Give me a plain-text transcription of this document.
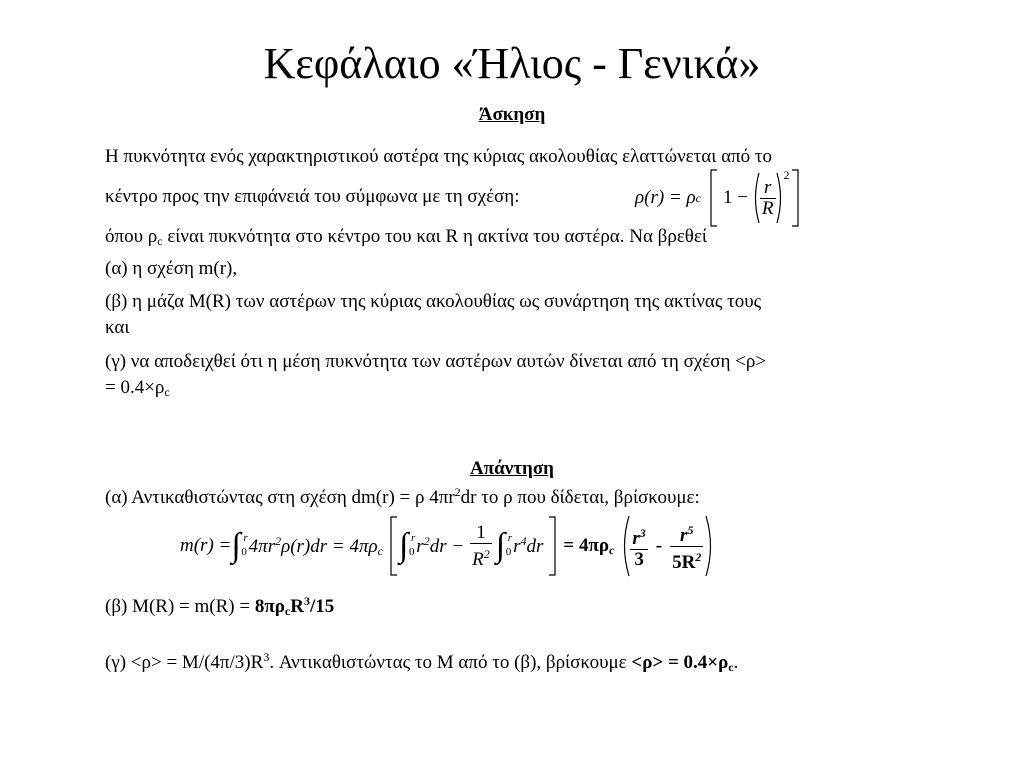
Κεφάλαιο «Ήλιος - Γενικά»
Άσκηση
Η πυκνότητα ενός χαρακτηριστικού αστέρα της κύριας ακολουθίας ελαττώνεται από το
κέντρο προς την επιφάνειά του σύμφωνα με τη σχέση:	ρ(r) = ρ c $1 - \frac{r}{R}$
$^2$
όπου $\rho_c$ είναι πυκνότητα στο κέντρο του και R η ακτίνα του αστέρα. Να βρεθεί
(α) η σχέση m(r),
(β) η μάζα M(R) των αστέρων της κύριας ακολουθίας ως συνάρτηση της ακτίνας τους
και
(γ) να αποδειχθεί ότι η μέση πυκνότητα των αστέρων αυτών δίνεται από τη σχέση <ρ>
= $0.4\times\rho_c$
Απάντηση
(α) Αντικαθιστώντας στη σχέση dm(r) = ρ $4\pi r^2dr$ το ρ που δίδεται, βρίσκουμε:
m(r) = ∫ r
0 $4\pi r^2\rho(r)dr = 4\pi\rho_c$ ∫ r
0 $r^2dr - \frac{1}{R^2}$ ∫ r
0 $r^4dr = 4\pi\rho_c \frac{r^3}{3} - \frac{r^5}{5R^2}$
(β) $M(R) = m(R) = 8\pi\rho_cR^3/15$
$(\gamma) <\rho> = M/(4\pi/3)R^3$. Αντικαθιστώντας το M από το (β), $\beta\rho ί\sigma\kappa o\upsilon\mu\varepsilon <\rho> = 0.4\times\rho_c$.
